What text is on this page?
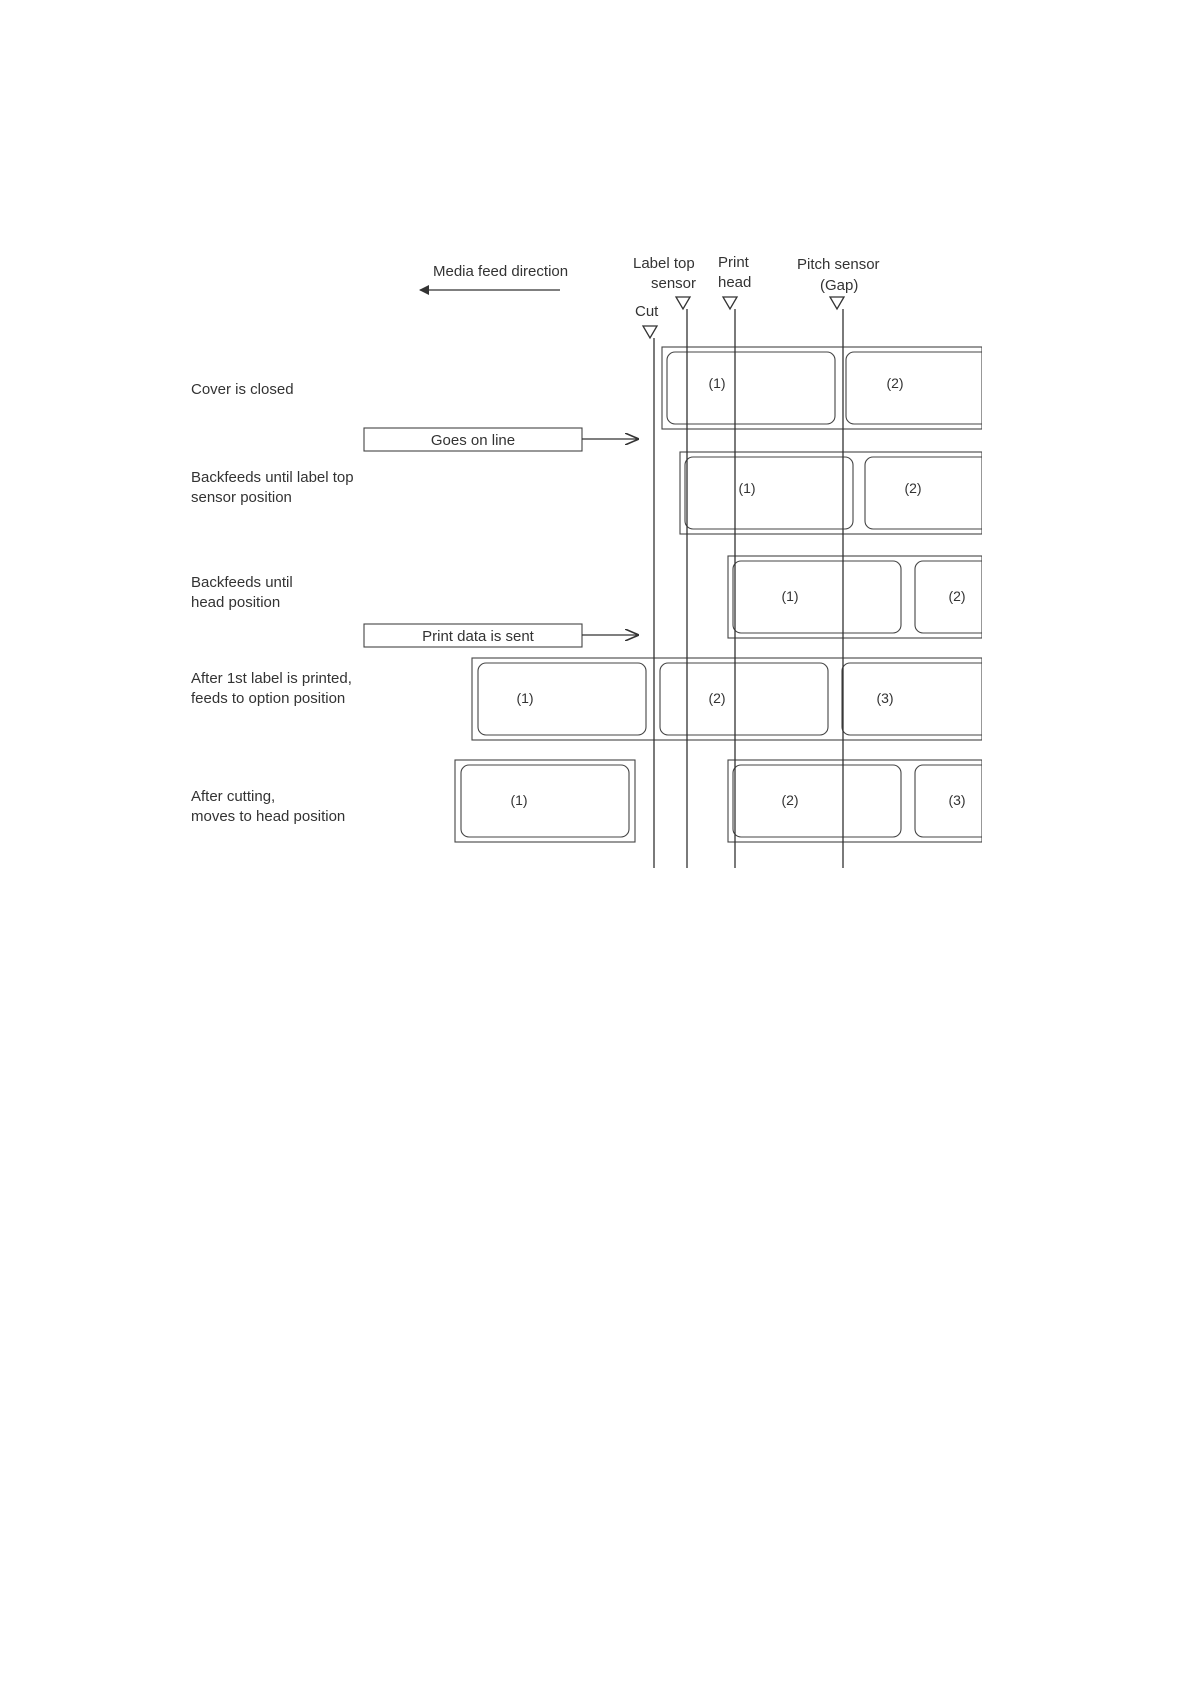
Media feed direction	Label top
sensor
Print
head
Pitch sensor
(Gap)
Cut
Cover is closed
Backfeeds until label top
sensor position
Backfeeds until
head position
After 1st label is printed,
feeds to option position
After cutting,
moves to head position
Goes on line
Print data is sent
(1)	(2)
(1)	(2)
(1)	(2)
(1)	(2)	(3)
(1)	(2)	(3)
